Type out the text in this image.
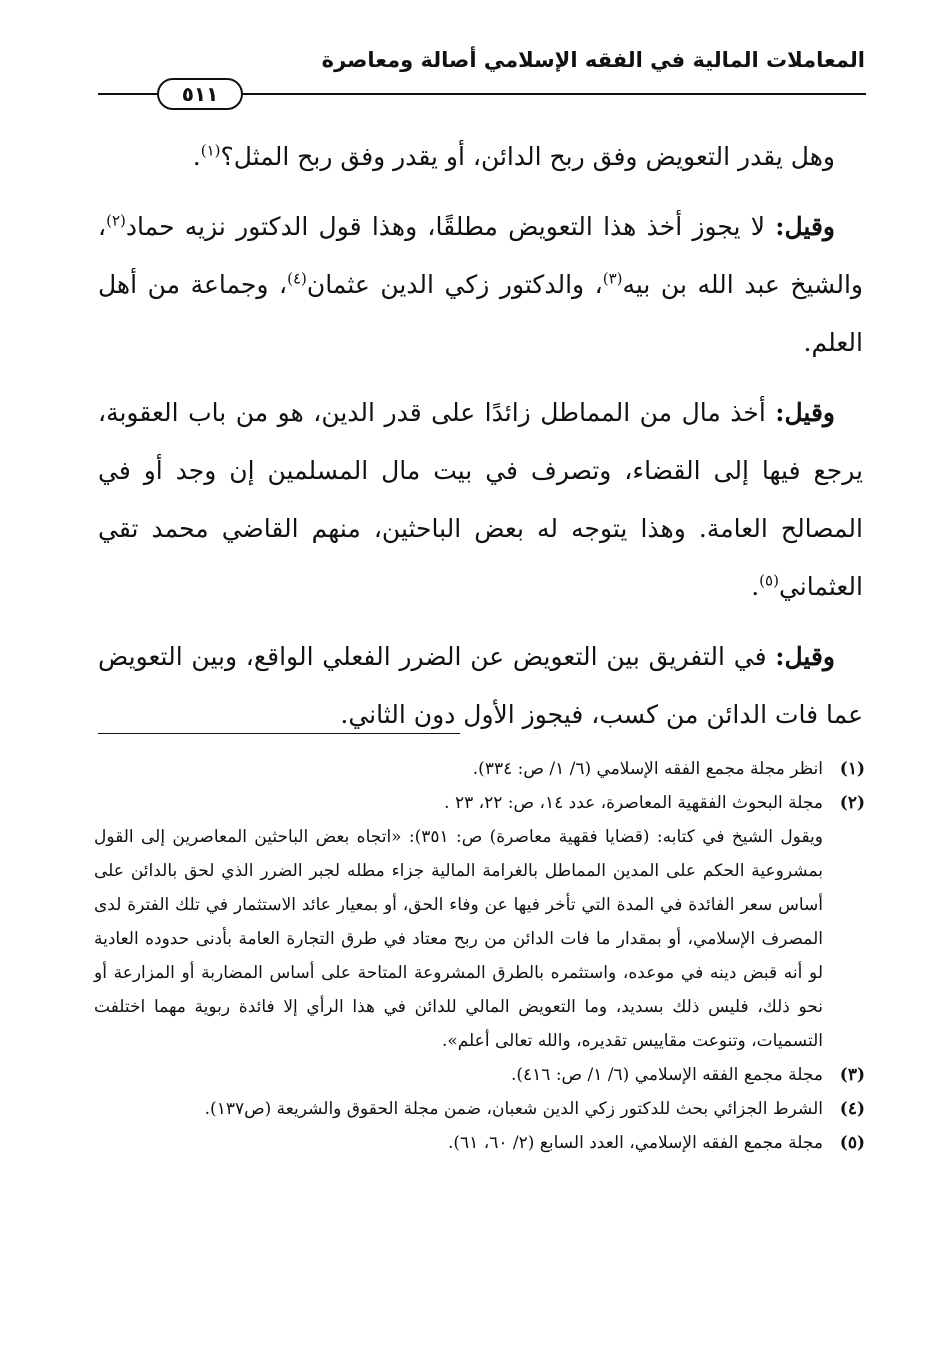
المعاملات المالية في الفقه الإسلامي أصالة ومعاصرة
٥١١

وهل يقدر التعويض وفق ربح الدائن، أو يقدر وفق ربح المثل؟$^{(١)}$.

وقيل: لا يجوز أخذ هذا التعويض مطلقًا، وهذا قول الدكتور نزيه حماد$^{(٢)}$، والشيخ عبد الله بن بيه$^{(٣)}$، والدكتور زكي الدين عثمان$^{(٤)}$، وجماعة من أهل العلم.

وقيل: أخذ مال من المماطل زائدًا على قدر الدين، هو من باب العقوبة، يرجع فيها إلى القضاء، وتصرف في بيت مال المسلمين إن وجد أو في المصالح العامة. وهذا يتوجه له بعض الباحثين، منهم القاضي محمد تقي العثماني$^{(٥)}$.

وقيل: في التفريق بين التعويض عن الضرر الفعلي الواقع، وبين التعويض عما فات الدائن من كسب، فيجوز الأول دون الثاني.

(١)
انظر مجلة مجمع الفقه الإسلامي (٦/ ١/ ص: ٣٣٤).

(٢)
مجلة البحوث الفقهية المعاصرة، عدد ١٤، ص: ٢٢، ٢٣ .

ويقول الشيخ في كتابه: (قضايا فقهية معاصرة) ص: ٣٥١): «اتجاه بعض الباحثين المعاصرين إلى القول بمشروعية الحكم على المدين المماطل بالغرامة المالية جزاء مطله لجبر الضرر الذي لحق بالدائن على أساس سعر الفائدة في المدة التي تأخر فيها عن وفاء الحق، أو بمعيار عائد الاستثمار في تلك الفترة لدى المصرف الإسلامي، أو بمقدار ما فات الدائن من ربح معتاد في طرق التجارة العامة بأدنى حدوده العادية لو أنه قبض دينه في موعده، واستثمره بالطرق المشروعة المتاحة على أساس المضاربة أو المزارعة أو نحو ذلك، فليس ذلك بسديد، وما التعويض المالي للدائن في هذا الرأي إلا فائدة ربوية مهما اختلفت التسميات، وتنوعت مقاييس تقديره، والله تعالى أعلم».

(٣)
مجلة مجمع الفقه الإسلامي (٦/ ١/ ص: ٤١٦).

(٤)
الشرط الجزائي بحث للدكتور زكي الدين شعبان، ضمن مجلة الحقوق والشريعة (ص١٣٧).

(٥)
مجلة مجمع الفقه الإسلامي، العدد السابع (٢/ ٦٠، ٦١).
